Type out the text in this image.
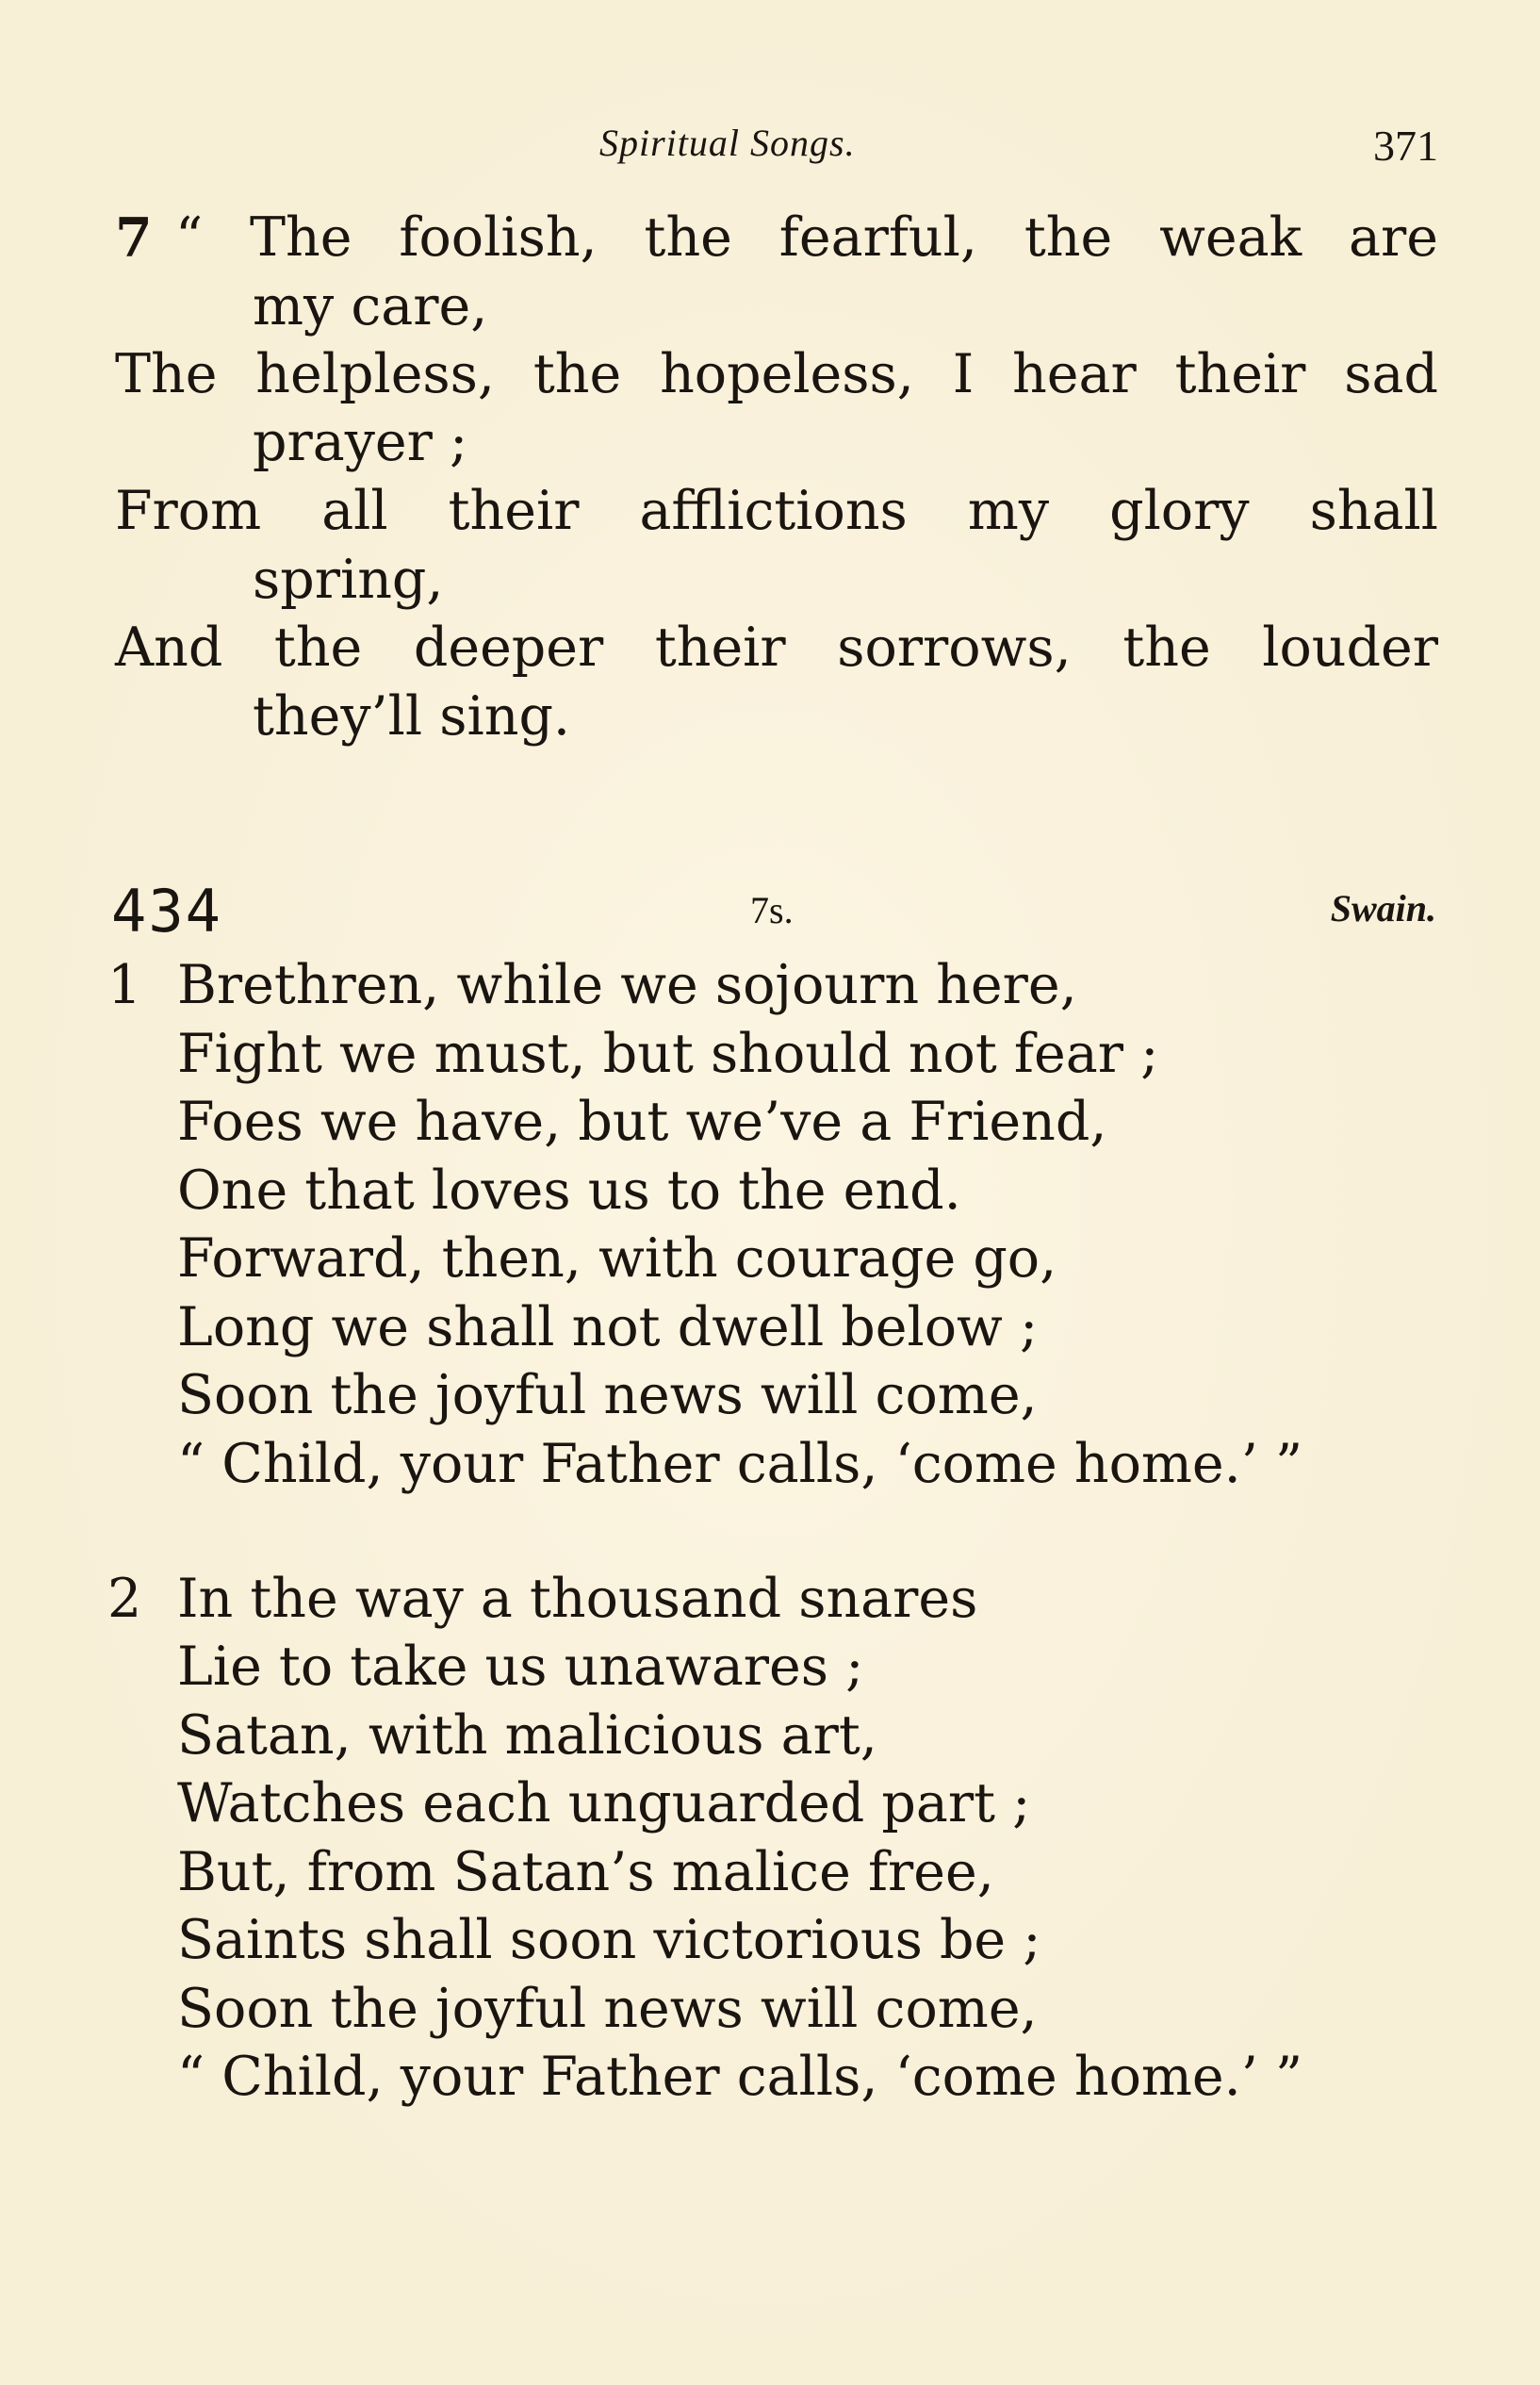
Spiritual Songs.	371
7 “ The foolish, the fearful, the weak are
my care,
The helpless, the hopeless, I hear their sad
prayer ;
From all their afflictions my glory shall
spring,
And the deeper their sorrows, the louder
they’ll sing.
434	7s.	Swain.
1 Brethren, while we sojourn here,
Fight we must, but should not fear ;
Foes we have, but we’ve a Friend,
One that loves us to the end.
Forward, then, with courage go,
Long we shall not dwell below ;
Soon the joyful news will come,
“ Child, your Father calls, ‘come home.’ ”
2 In the way a thousand snares
Lie to take us unawares ;
Satan, with malicious art,
Watches each unguarded part ;
But, from Satan’s malice free,
Saints shall soon victorious be ;
Soon the joyful news will come,
“ Child, your Father calls, ‘come home.’ ”
